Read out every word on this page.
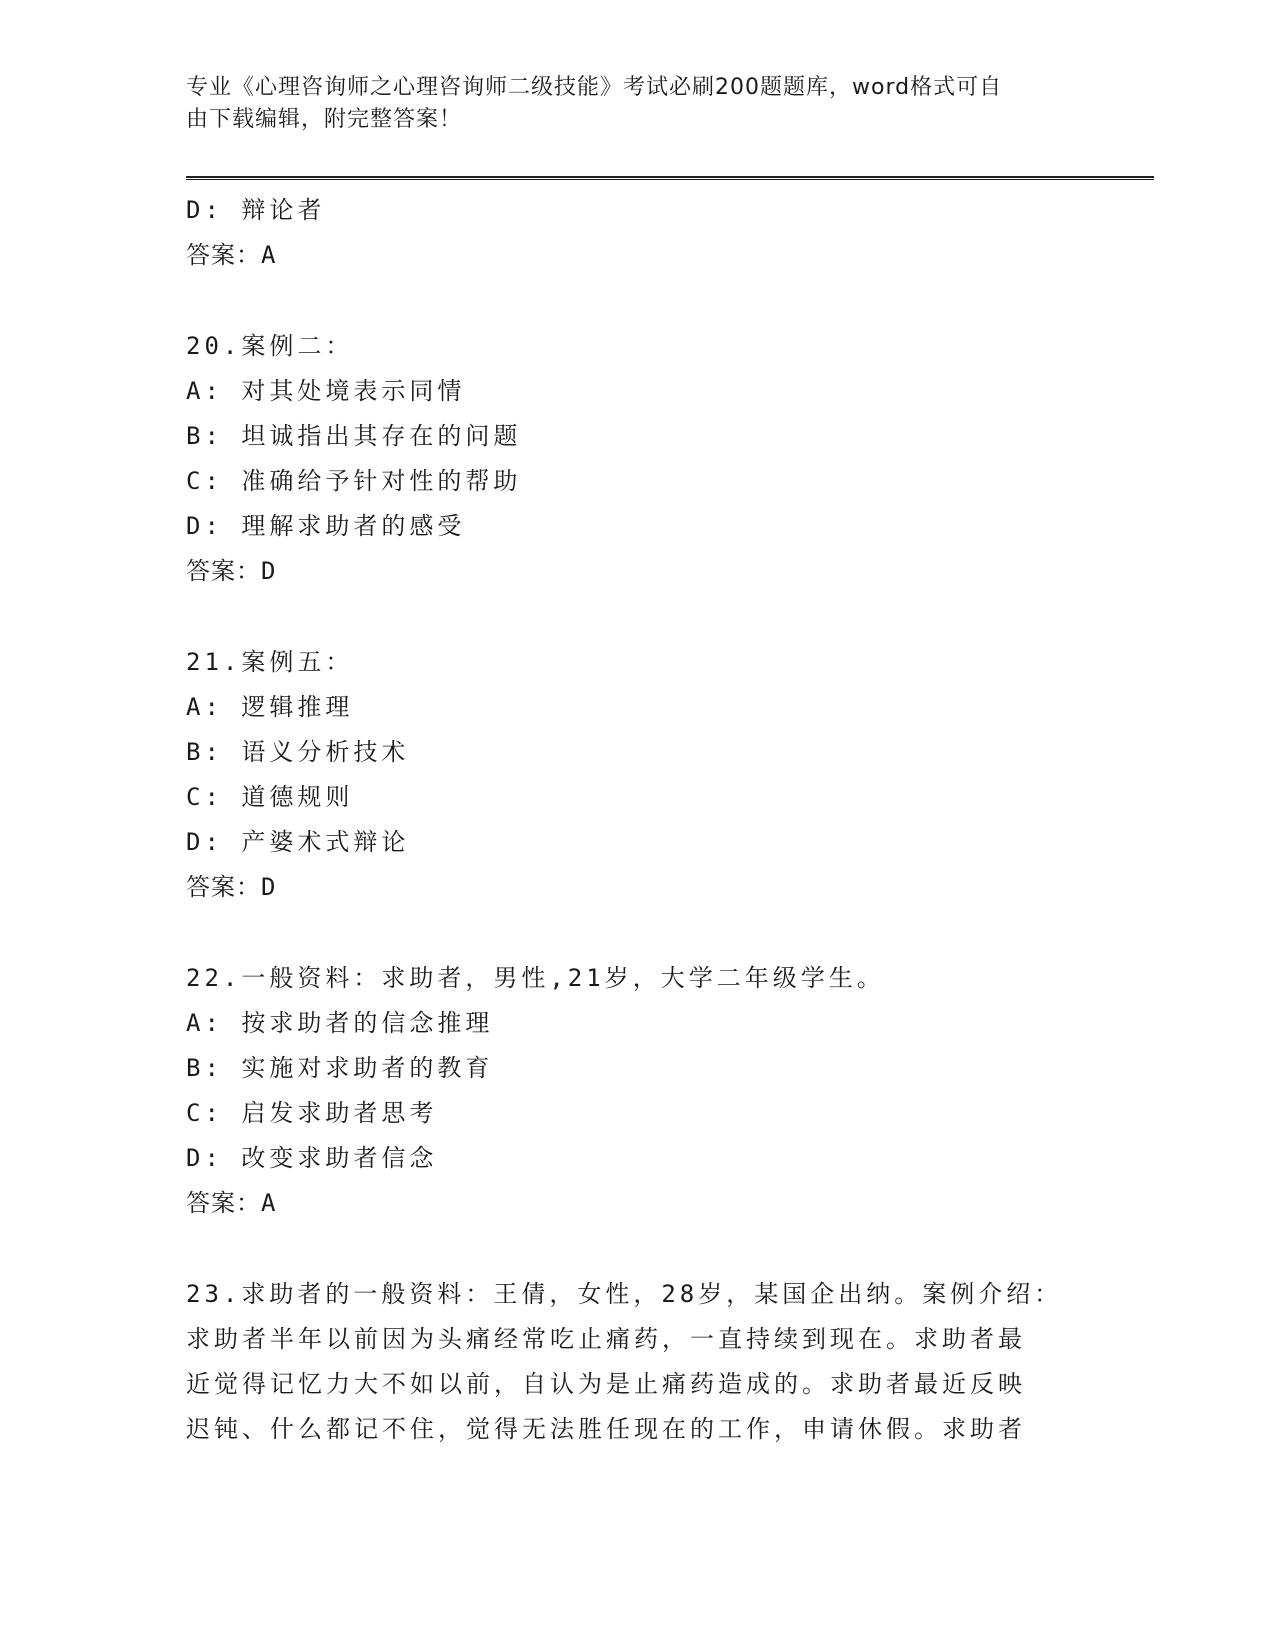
专业《心理咨询师之心理咨询师二级技能》考试必刷200题题库，word格式可自
由下载编辑，附完整答案！
D: 辩论者
答案：A
20.案例二：
A: 对其处境表示同情
B: 坦诚指出其存在的问题
C: 准确给予针对性的帮助
D: 理解求助者的感受
答案：D
21.案例五：
A: 逻辑推理
B: 语义分析技术
C: 道德规则
D: 产婆术式辩论
答案：D
22.一般资料：求助者，男性,21岁，大学二年级学生。
A: 按求助者的信念推理
B: 实施对求助者的教育
C: 启发求助者思考
D: 改变求助者信念
答案：A
23.求助者的一般资料：王倩，女性，28岁，某国企出纳。案例介绍：
求助者半年以前因为头痛经常吃止痛药，一直持续到现在。求助者最
近觉得记忆力大不如以前，自认为是止痛药造成的。求助者最近反映
迟钝、什么都记不住，觉得无法胜任现在的工作，申请休假。求助者
